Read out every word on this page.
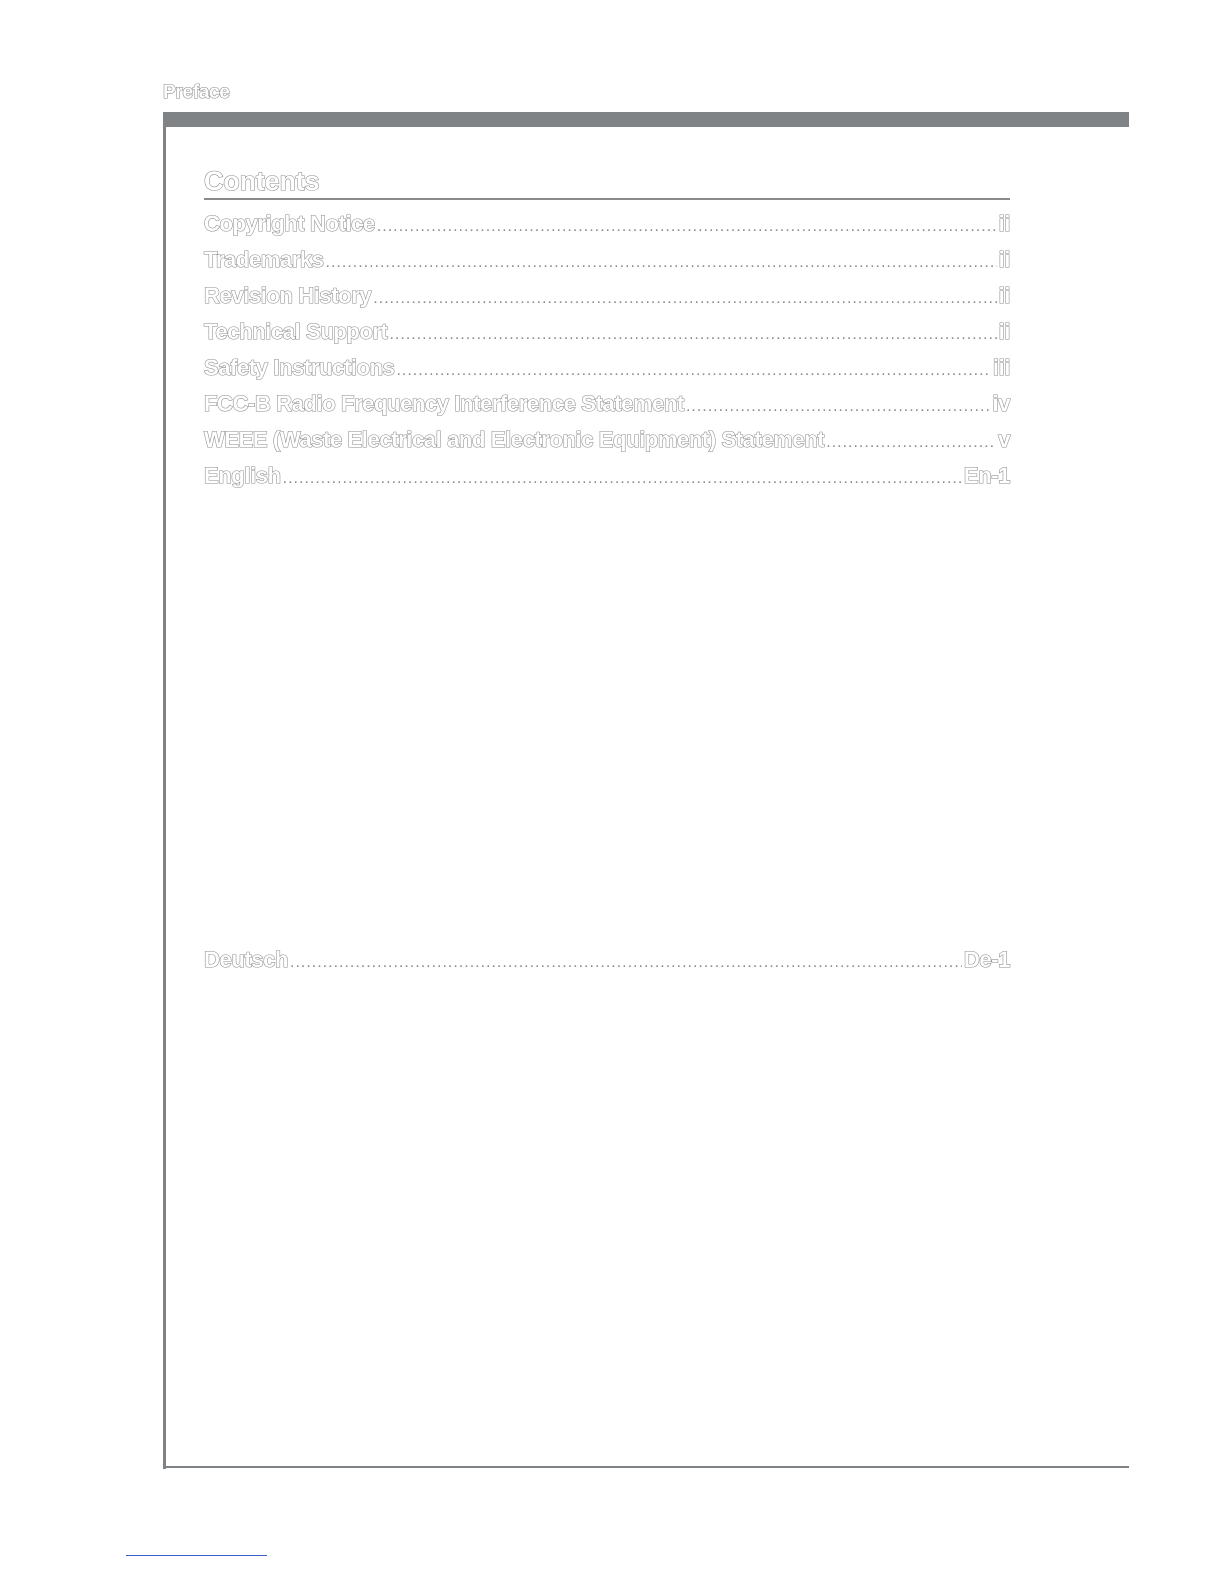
Preface
Contents
Copyright Notice .....	ii
Trademarks .....	ii
Revision History .....	ii
Technical Support .....	ii
Safety Instructions .....	iii
FCC-B Radio Frequency Interference Statement .....	iv
WEEE (Waste Electrical and Electronic Equipment) Statement .....	v
English .....	En-1
Deutsch .....	De-1
